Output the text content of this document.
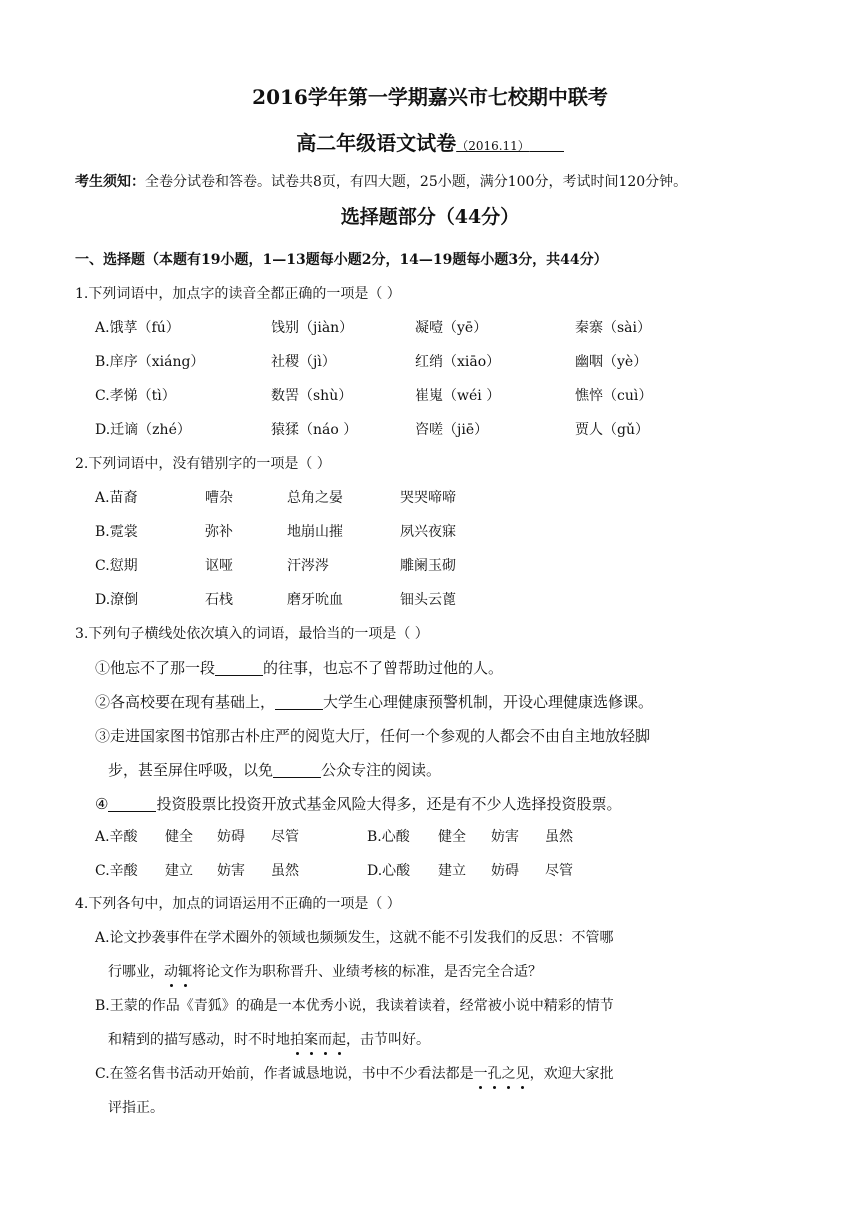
2016学年第一学期嘉兴市七校期中联考
高二年级语文试卷（2016.11）
考生须知：全卷分试卷和答卷。试卷共8页，有四大题，25小题，满分100分，考试时间120分钟。
选择题部分（44分）
一、选择题（本题有19小题，1—13题每小题2分，14—19题每小题3分，共44分）
1.下列词语中，加点字的读音全都正确的一项是（ ）
A.饿莩（fú）	饯别（jiàn）	凝噎（yē）	秦寨（sài）
B.庠序（xiáng）	社稷（jì）	红绡（xiāo）	幽咽（yè）
C.孝悌（tì）	数罟（shù）	崔嵬（wéi ）	憔悴（cuì）
D.迁谪（zhé）	猿猱（náo ）	咨嗟（jiē）	贾人（gǔ）
2.下列词语中，没有错别字的一项是（ ）
A.苗裔	嘈杂	总角之晏	哭哭啼啼
B.霓裳	弥补	地崩山摧	夙兴夜寐
C.愆期	讴哑	汗涔涔	雕阑玉砌
D.潦倒	石栈	磨牙吮血	钿头云蓖
3.下列句子横线处依次填入的词语，最恰当的一项是（ ）
①他忘不了那一段	的往事，也忘不了曾帮助过他的人。
②各高校要在现有基础上，	大学生心理健康预警机制，开设心理健康选修课。
③走进国家图书馆那古朴庄严的阅览大厅，任何一个参观的人都会不由自主地放轻脚
步，甚至屏住呼吸，以免	公众专注的阅读。
④	投资股票比投资开放式基金风险大得多，还是有不少人选择投资股票。
A.辛酸 健全 妨碍 尽管	B.心酸 健全 妨害 虽然
C.辛酸 建立 妨害 虽然	D.心酸 建立 妨碍 尽管
4.下列各句中，加点的词语运用不正确的一项是（ ）
A.论文抄袭事件在学术圈外的领域也频频发生，这就不能不引发我们的反思：不管哪
行哪业，动辄将论文作为职称晋升、业绩考核的标准，是否完全合适？
B.王蒙的作品《青狐》的确是一本优秀小说，我读着读着，经常被小说中精彩的情节
和精到的描写感动，时不时地拍案而起，击节叫好。
C.在签名售书活动开始前，作者诚恳地说，书中不少看法都是一孔之见，欢迎大家批
评指正。
